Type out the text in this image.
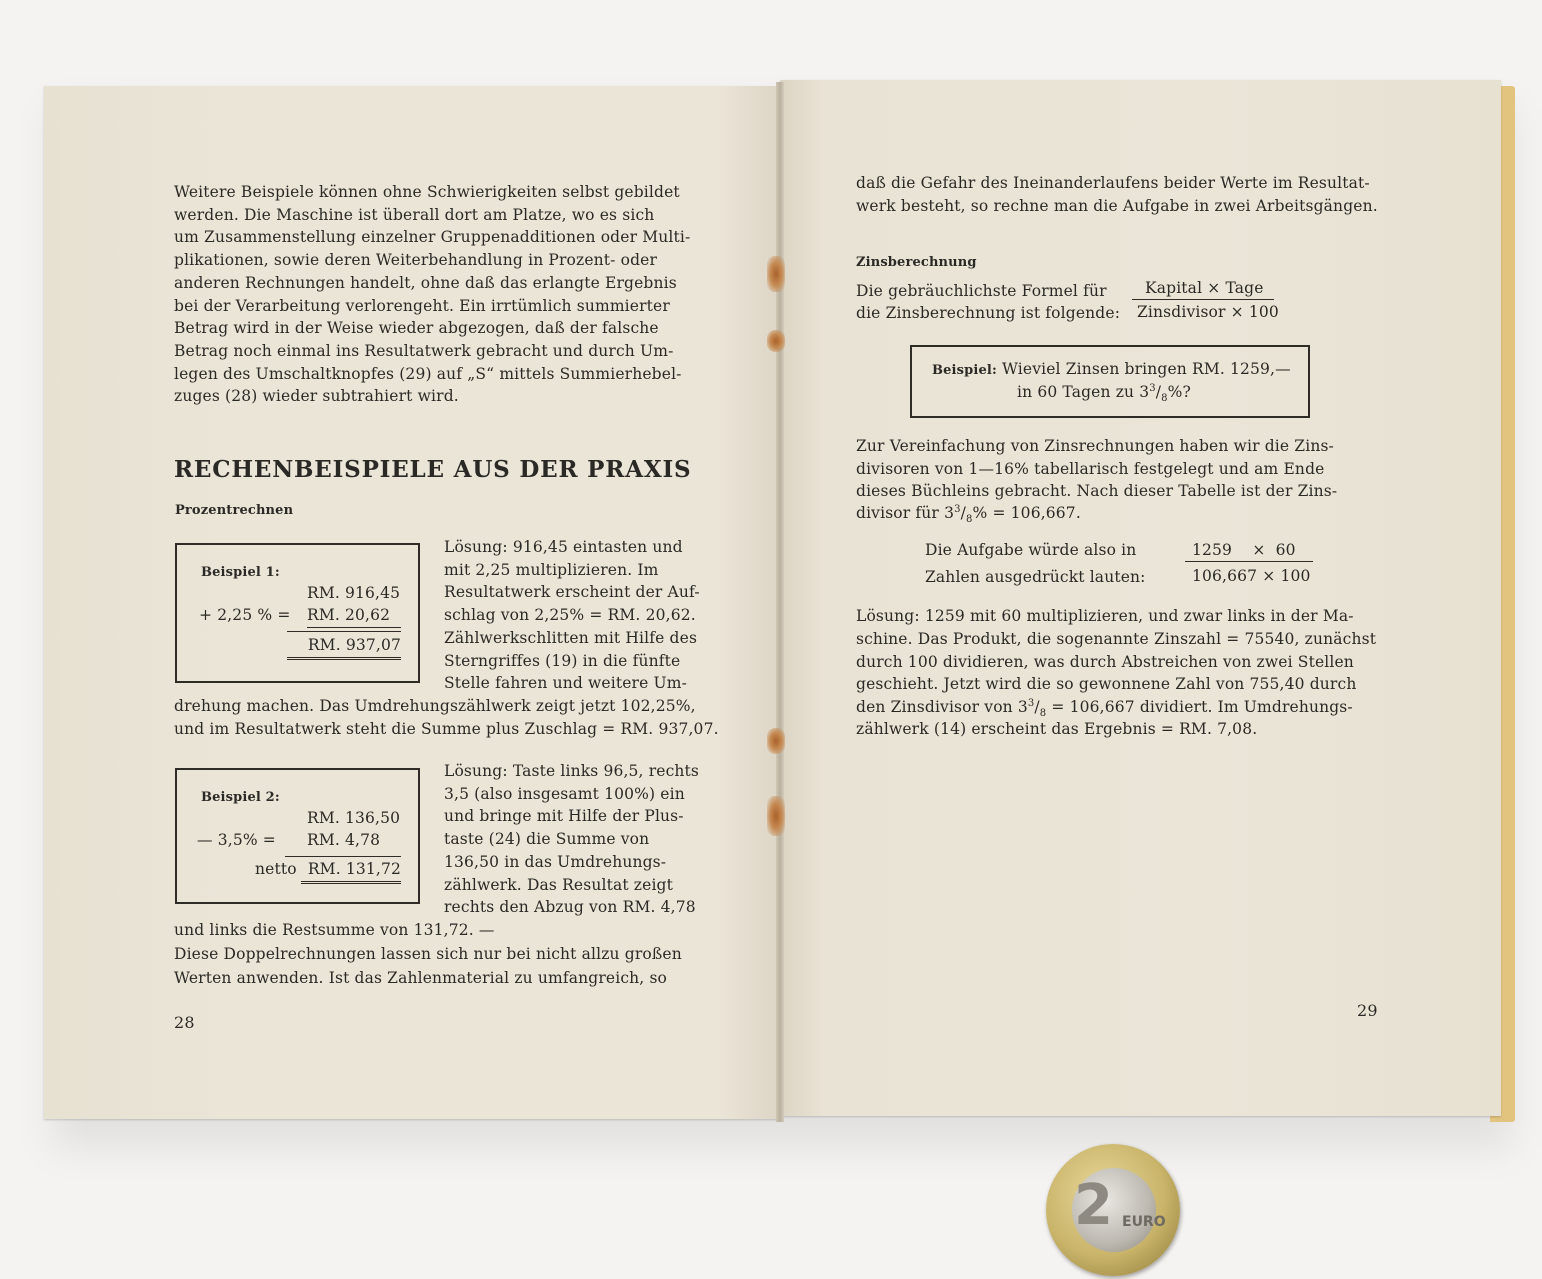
Weitere Beispiele können ohne Schwierigkeiten selbst gebildet
werden. Die Maschine ist überall dort am Platze, wo es sich
um Zusammenstellung einzelner Gruppenadditionen oder Multi-
plikationen, sowie deren Weiterbehandlung in Prozent- oder
anderen Rechnungen handelt, ohne daß das erlangte Ergebnis
bei der Verarbeitung verlorengeht. Ein irrtümlich summierter
Betrag wird in der Weise wieder abgezogen, daß der falsche
Betrag noch einmal ins Resultatwerk gebracht und durch Um-
legen des Umschaltknopfes (29) auf „S“ mittels Summierhebel-
zuges (28) wieder subtrahiert wird.
RECHENBEISPIELE AUS DER PRAXIS
Prozentrechnen
Beispiel 1:
RM. 916,45
+ 2,25 % = RM. 20,62
RM. 937,07
Lösung: 916,45 eintasten und
mit 2,25 multiplizieren. Im
Resultatwerk erscheint der Auf-
schlag von 2,25% = RM. 20,62.
Zählwerkschlitten mit Hilfe des
Sterngriffes (19) in die fünfte
Stelle fahren und weitere Um-
drehung machen. Das Umdrehungszählwerk zeigt jetzt 102,25%,
und im Resultatwerk steht die Summe plus Zuschlag = RM. 937,07.
Beispiel 2:
RM. 136,50
— 3,5% = RM. 4,78
netto RM. 131,72
Lösung: Taste links 96,5, rechts
3,5 (also insgesamt 100%) ein
und bringe mit Hilfe der Plus-
taste (24) die Summe von
136,50 in das Umdrehungs-
zählwerk. Das Resultat zeigt
rechts den Abzug von RM. 4,78
und links die Restsumme von 131,72. —
Diese Doppelrechnungen lassen sich nur bei nicht allzu großen
Werten anwenden. Ist das Zahlenmaterial zu umfangreich, so
28
daß die Gefahr des Ineinanderlaufens beider Werte im Resultat-
werk besteht, so rechne man die Aufgabe in zwei Arbeitsgängen.
Zinsberechnung
Die gebräuchlichste Formel für
die Zinsberechnung ist folgende:
Kapital × Tage
Zinsdivisor × 100
Beispiel: Wieviel Zinsen bringen RM. 1259,—
in 60 Tagen zu $3^3/_8\%$?
Zur Vereinfachung von Zinsrechnungen haben wir die Zins-
divisoren von 1—16% tabellarisch festgelegt und am Ende
dieses Büchleins gebracht. Nach dieser Tabelle ist der Zins-
divisor für $3^3/_8\% = 106,667$.
Die Aufgabe würde also in
Zahlen ausgedrückt lauten:
1259    ×  60
106,667 × 100
Lösung: 1259 mit 60 multiplizieren, und zwar links in der Ma-
schine. Das Produkt, die sogenannte Zinszahl = 75540, zunächst
durch 100 dividieren, was durch Abstreichen von zwei Stellen
geschieht. Jetzt wird die so gewonnene Zahl von 755,40 durch
den Zinsdivisor von $3^3/_8 = 106,667$ dividiert. Im Umdrehungs-
zählwerk (14) erscheint das Ergebnis = RM. 7,08.
29
2 EURO
